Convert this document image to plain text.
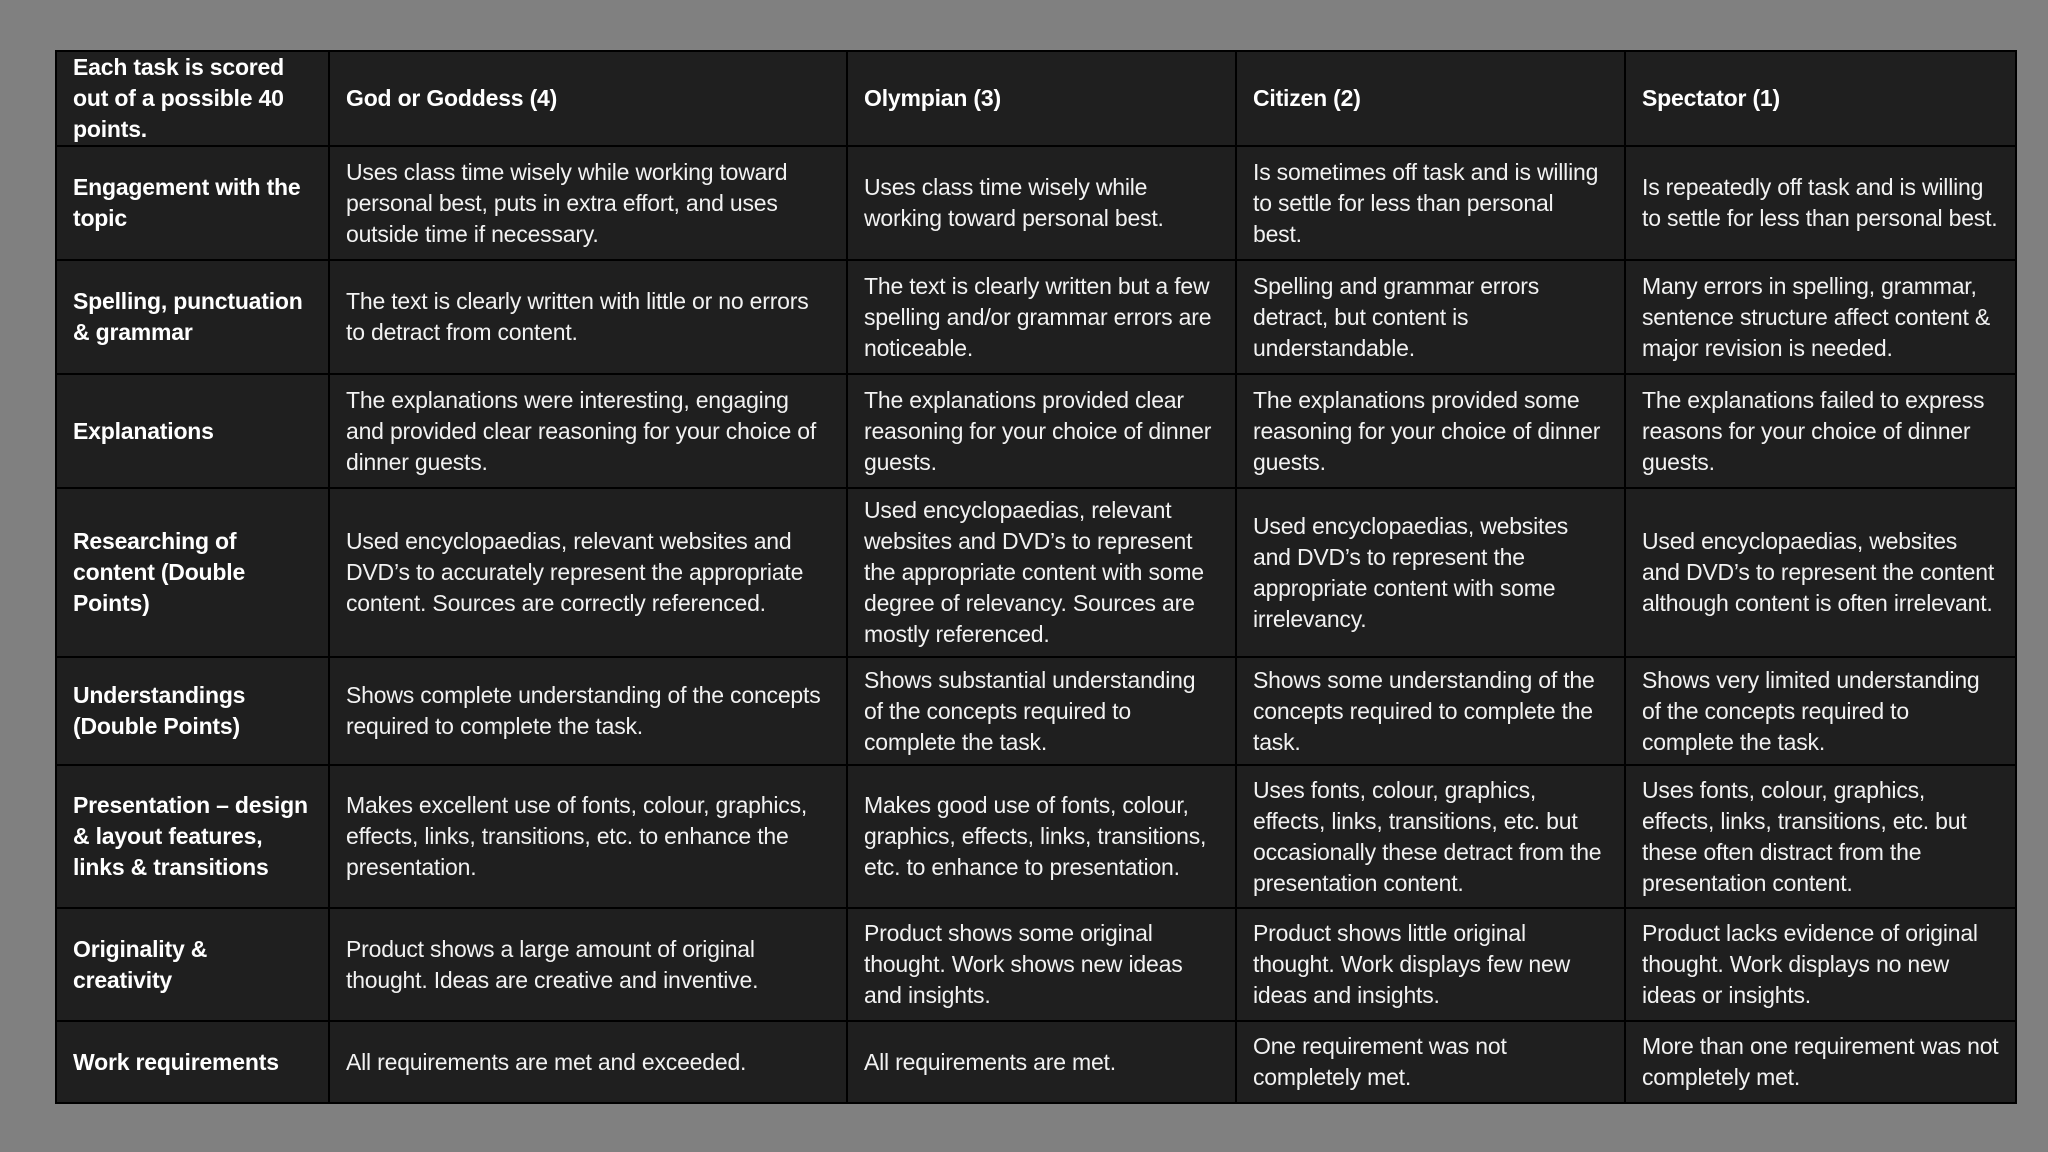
Each task is scored out of a possible 40 points.	God or Goddess (4)	Olympian (3)	Citizen (2)	Spectator (1)
Engagement with the topic	Uses class time wisely while working toward personal best, puts in extra effort, and uses outside time if necessary.	Uses class time wisely while working toward personal best.	Is sometimes off task and is willing to settle for less than personal best.	Is repeatedly off task and is willing to settle for less than personal best.
Spelling, punctuation & grammar	The text is clearly written with little or no errors to detract from content.	The text is clearly written but a few spelling and/or grammar errors are noticeable.	Spelling and grammar errors detract, but content is understandable.	Many errors in spelling, grammar, sentence structure affect content & major revision is needed.
Explanations	The explanations were interesting, engaging and provided clear reasoning for your choice of dinner guests.	The explanations provided clear reasoning for your choice of dinner guests.	The explanations provided some reasoning for your choice of dinner guests.	The explanations failed to express reasons for your choice of dinner guests.
Researching of content (Double Points)	Used encyclopaedias, relevant websites and DVD’s to accurately represent the appropriate content. Sources are correctly referenced.	Used encyclopaedias, relevant websites and DVD’s to represent the appropriate content with some degree of relevancy. Sources are mostly referenced.	Used encyclopaedias, websites and DVD’s to represent the appropriate content with some irrelevancy.	Used encyclopaedias, websites and DVD’s to represent the content although content is often irrelevant.
Understandings (Double Points)	Shows complete understanding of the concepts required to complete the task.	Shows substantial understanding of the concepts required to complete the task.	Shows some understanding of the concepts required to complete the task.	Shows very limited understanding of the concepts required to complete the task.
Presentation – design & layout features, links & transitions	Makes excellent use of fonts, colour, graphics, effects, links, transitions, etc. to enhance the presentation.	Makes good use of fonts, colour, graphics, effects, links, transitions, etc. to enhance to presentation.	Uses fonts, colour, graphics, effects, links, transitions, etc. but occasionally these detract from the presentation content.	Uses fonts, colour, graphics, effects, links, transitions, etc. but these often distract from the presentation content.
Originality & creativity	Product shows a large amount of original thought. Ideas are creative and inventive.	Product shows some original thought. Work shows new ideas and insights.	Product shows little original thought. Work displays few new ideas and insights.	Product lacks evidence of original thought. Work displays no new ideas or insights.
Work requirements	All requirements are met and exceeded.	All requirements are met.	One requirement was not completely met.	More than one requirement was not completely met.
